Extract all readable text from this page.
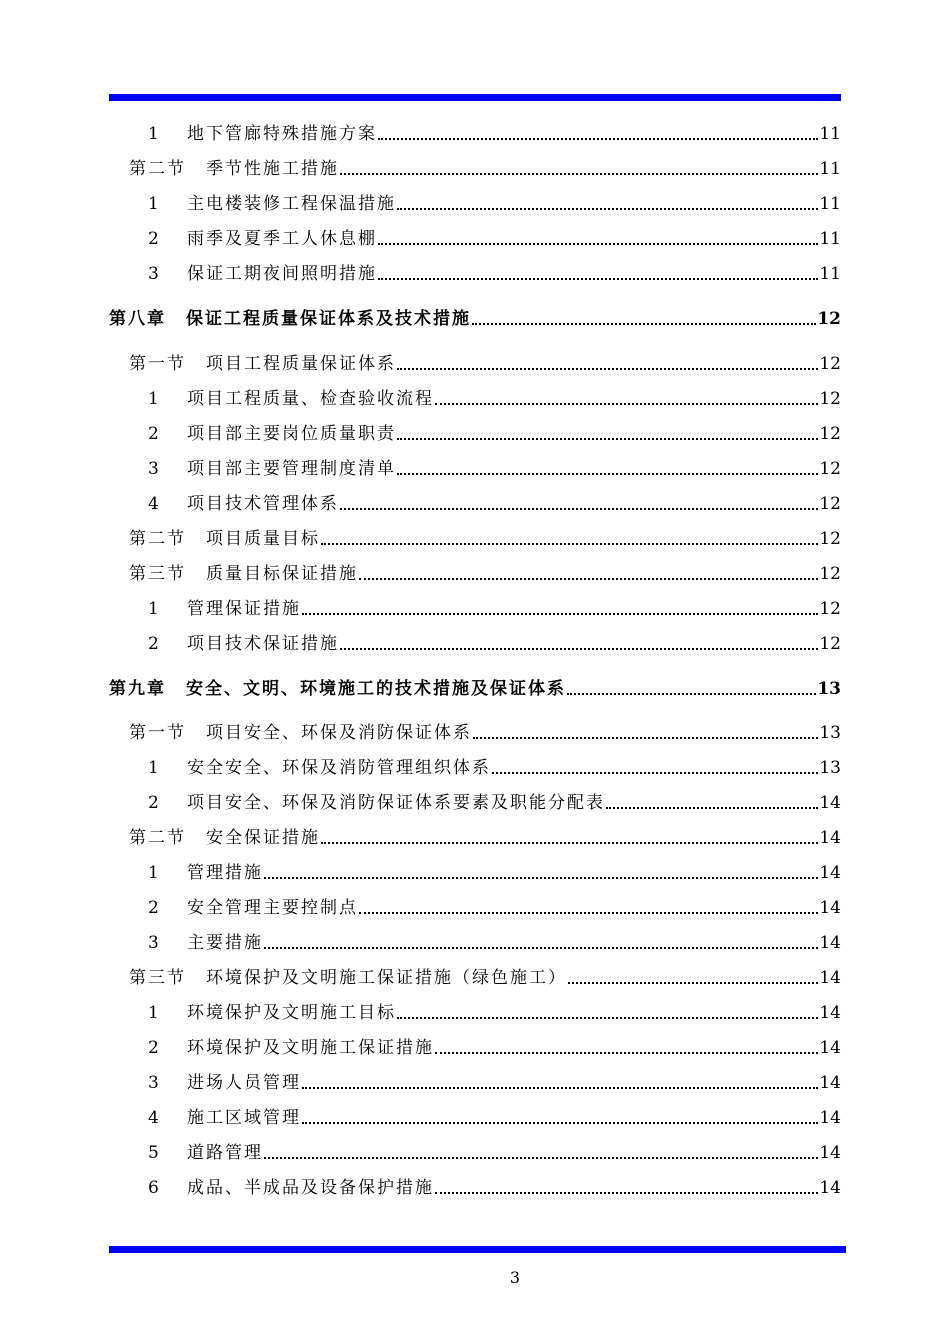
1 地下管廊特殊措施方案	11
第二节 季节性施工措施	11
1 主电楼装修工程保温措施	11
2 雨季及夏季工人休息棚	11
3 保证工期夜间照明措施	11
第八章 保证工程质量保证体系及技术措施	12
第一节 项目工程质量保证体系	12
1 项目工程质量、检查验收流程	12
2 项目部主要岗位质量职责	12
3 项目部主要管理制度清单	12
4 项目技术管理体系	12
第二节 项目质量目标	12
第三节 质量目标保证措施	12
1 管理保证措施	12
2 项目技术保证措施	12
第九章 安全、文明、环境施工的技术措施及保证体系	13
第一节 项目安全、环保及消防保证体系	13
1 安全安全、环保及消防管理组织体系	13
2 项目安全、环保及消防保证体系要素及职能分配表	14
第二节 安全保证措施	14
1 管理措施	14
2 安全管理主要控制点	14
3 主要措施	14
第三节 环境保护及文明施工保证措施（绿色施工）	14
1 环境保护及文明施工目标	14
2 环境保护及文明施工保证措施	14
3 进场人员管理	14
4 施工区域管理	14
5 道路管理	14
6 成品、半成品及设备保护措施	14
3
